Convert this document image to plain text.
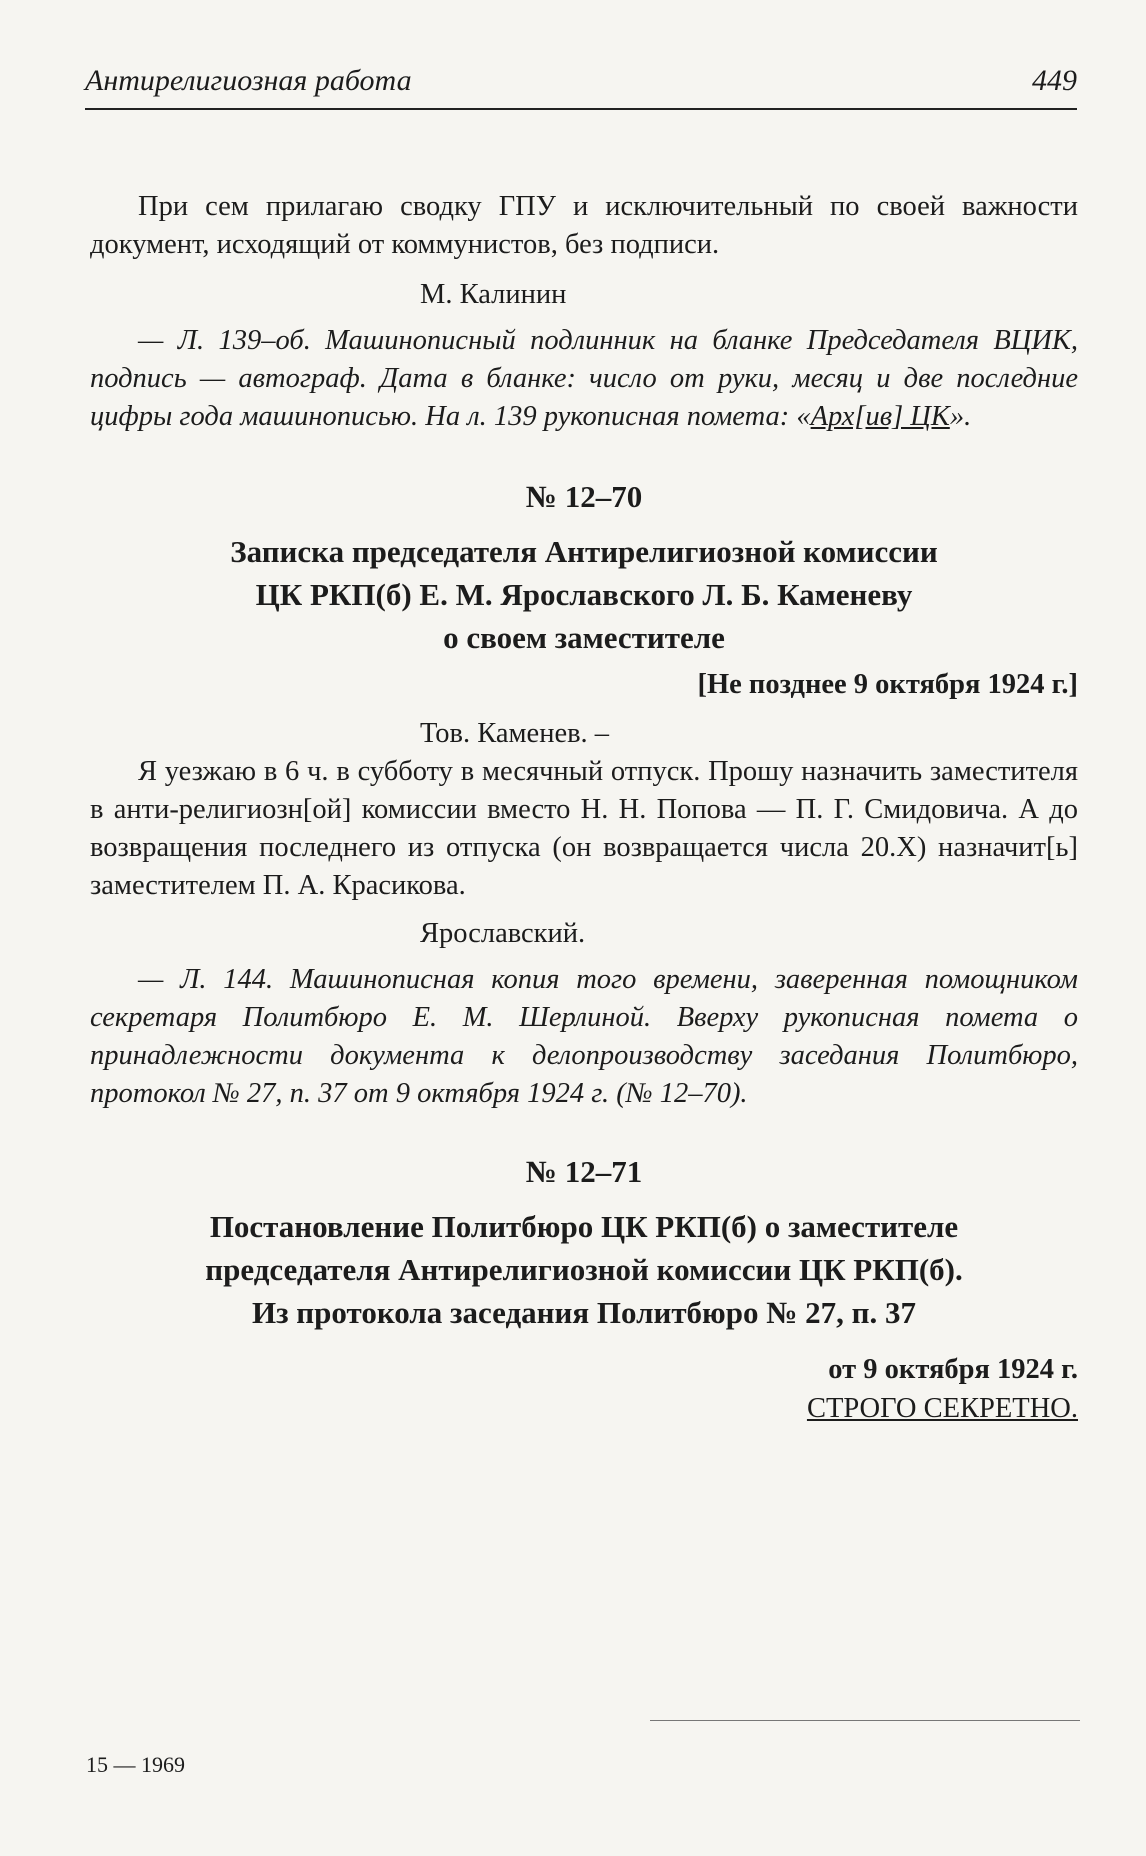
Антирелигиозная работа	449

При сем прилагаю сводку ГПУ и исключительный по своей важности документ, исходящий от коммунистов, без подписи.

М. Калинин

— Л. 139–об. Машинописный подлинник на бланке Председателя ВЦИК, подпись — автограф. Дата в бланке: число от руки, месяц и две последние цифры года машинописью. На л. 139 рукописная помета: «Арх[ив] ЦК».

№ 12–70
Записка председателя Антирелигиозной комиссии
ЦК РКП(б) Е. М. Ярославского Л. Б. Каменеву
о своем заместителе
[Не позднее 9 октября 1924 г.]

Тов. Каменев. –

Я уезжаю в 6 ч. в субботу в месячный отпуск. Прошу назначить заместителя в анти-религиозн[ой] комиссии вместо Н. Н. Попова — П. Г. Смидовича. А до возвращения последнего из отпуска (он возвращается числа 20.X) назначит[ь] заместителем П. А. Красикова.

Ярославский.

— Л. 144. Машинописная копия того времени, заверенная помощником секретаря Политбюро Е. М. Шерлиной. Вверху рукописная помета о принадлежности документа к делопроизводству заседания Политбюро, протокол № 27, п. 37 от 9 октября 1924 г. (№ 12–70).

№ 12–71
Постановление Политбюро ЦК РКП(б) о заместителе
председателя Антирелигиозной комиссии ЦК РКП(б).
Из протокола заседания Политбюро № 27, п. 37
от 9 октября 1924 г.

СТРОГО СЕКРЕТНО.

15 — 1969
